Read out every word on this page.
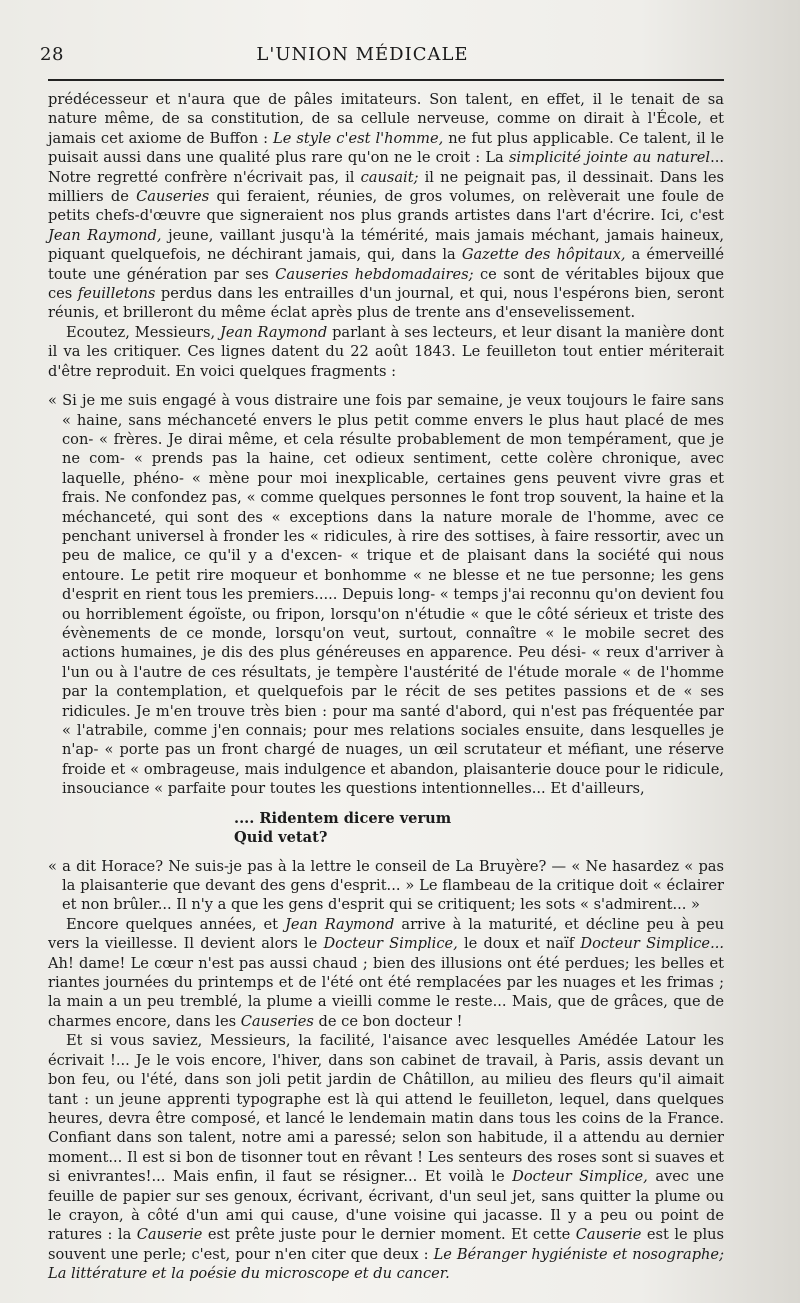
28	L'UNION MÉDICALE

prédécesseur et n'aura que de pâles imitateurs. Son talent, en effet, il le tenait de sa nature même, de sa constitution, de sa cellule nerveuse, comme on dirait à l'École, et jamais cet axiome de Buffon : Le style c'est l'homme, ne fut plus applicable. Ce talent, il le puisait aussi dans une qualité plus rare qu'on ne le croit : La simplicité jointe au naturel... Notre regretté confrère n'écrivait pas, il causait; il ne peignait pas, il dessinait. Dans les milliers de Causeries qui feraient, réunies, de gros volumes, on relèverait une foule de petits chefs-d'œuvre que signeraient nos plus grands artistes dans l'art d'écrire. Ici, c'est Jean Raymond, jeune, vaillant jusqu'à la témérité, mais jamais méchant, jamais haineux, piquant quelquefois, ne déchirant jamais, qui, dans la Gazette des hôpitaux, a émerveillé toute une génération par ses Causeries hebdomadaires; ce sont de véritables bijoux que ces feuilletons perdus dans les entrailles d'un journal, et qui, nous l'espérons bien, seront réunis, et brilleront du même éclat après plus de trente ans d'ensevelissement.

Ecoutez, Messieurs, Jean Raymond parlant à ses lecteurs, et leur disant la manière dont il va les critiquer. Ces lignes datent du 22 août 1843. Le feuilleton tout entier mériterait d'être reproduit. En voici quelques fragments :

« Si je me suis engagé à vous distraire une fois par semaine, je veux toujours le faire sans « haine, sans méchanceté envers le plus petit comme envers le plus haut placé de mes con- « frères. Je dirai même, et cela résulte probablement de mon tempérament, que je ne com- « prends pas la haine, cet odieux sentiment, cette colère chronique, avec laquelle, phéno- « mène pour moi inexplicable, certaines gens peuvent vivre gras et frais. Ne confondez pas, « comme quelques personnes le font trop souvent, la haine et la méchanceté, qui sont des « exceptions dans la nature morale de l'homme, avec ce penchant universel à fronder les « ridicules, à rire des sottises, à faire ressortir, avec un peu de malice, ce qu'il y a d'excen- « trique et de plaisant dans la société qui nous entoure. Le petit rire moqueur et bonhomme « ne blesse et ne tue personne; les gens d'esprit en rient tous les premiers..... Depuis long- « temps j'ai reconnu qu'on devient fou ou horriblement égoïste, ou fripon, lorsqu'on n'étudie « que le côté sérieux et triste des évènements de ce monde, lorsqu'on veut, surtout, connaître « le mobile secret des actions humaines, je dis des plus généreuses en apparence. Peu dési- « reux d'arriver à l'un ou à l'autre de ces résultats, je tempère l'austérité de l'étude morale « de l'homme par la contemplation, et quelquefois par le récit de ses petites passions et de « ses ridicules. Je m'en trouve très bien : pour ma santé d'abord, qui n'est pas fréquentée par « l'atrabile, comme j'en connais; pour mes relations sociales ensuite, dans lesquelles je n'ap- « porte pas un front chargé de nuages, un œil scrutateur et méfiant, une réserve froide et « ombrageuse, mais indulgence et abandon, plaisanterie douce pour le ridicule, insouciance « parfaite pour toutes les questions intentionnelles... Et d'ailleurs,

.... Ridentem dicere verum
Quid vetat?

« a dit Horace? Ne suis-je pas à la lettre le conseil de La Bruyère? — « Ne hasardez « pas la plaisanterie que devant des gens d'esprit... » Le flambeau de la critique doit « éclairer et non brûler... Il n'y a que les gens d'esprit qui se critiquent; les sots « s'admirent... »

Encore quelques années, et Jean Raymond arrive à la maturité, et décline peu à peu vers la vieillesse. Il devient alors le Docteur Simplice, le doux et naïf Docteur Simplice... Ah! dame! Le cœur n'est pas aussi chaud ; bien des illusions ont été perdues; les belles et riantes journées du printemps et de l'été ont été remplacées par les nuages et les frimas ; la main a un peu tremblé, la plume a vieilli comme le reste... Mais, que de grâces, que de charmes encore, dans les Causeries de ce bon docteur !

Et si vous saviez, Messieurs, la facilité, l'aisance avec lesquelles Amédée Latour les écrivait !... Je le vois encore, l'hiver, dans son cabinet de travail, à Paris, assis devant un bon feu, ou l'été, dans son joli petit jardin de Châtillon, au milieu des fleurs qu'il aimait tant : un jeune apprenti typographe est là qui attend le feuilleton, lequel, dans quelques heures, devra être composé, et lancé le lendemain matin dans tous les coins de la France. Confiant dans son talent, notre ami a paressé; selon son habitude, il a attendu au dernier moment... Il est si bon de tisonner tout en rêvant ! Les senteurs des roses sont si suaves et si enivrantes!... Mais enfin, il faut se résigner... Et voilà le Docteur Simplice, avec une feuille de papier sur ses genoux, écrivant, écrivant, d'un seul jet, sans quitter la plume ou le crayon, à côté d'un ami qui cause, d'une voisine qui jacasse. Il y a peu ou point de ratures : la Causerie est prête juste pour le dernier moment. Et cette Causerie est le plus souvent une perle; c'est, pour n'en citer que deux : Le Béranger hygiéniste et nosographe; La littérature et la poésie du microscope et du cancer.
